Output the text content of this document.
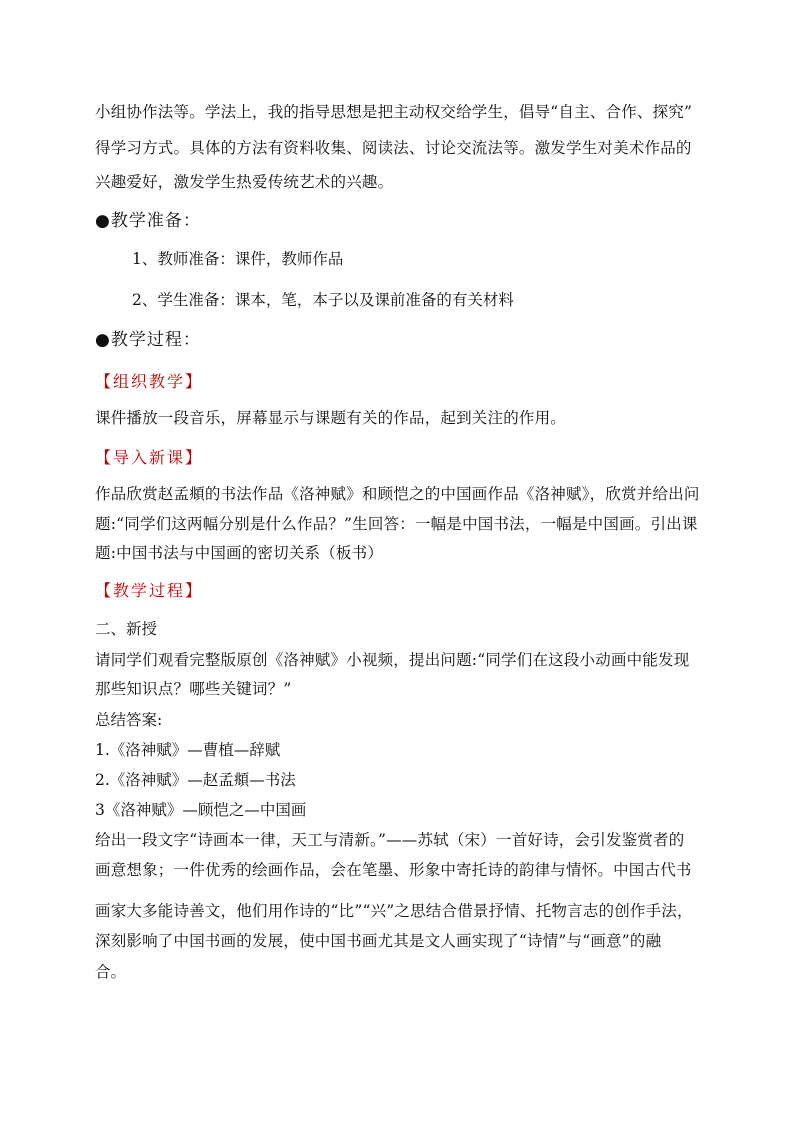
小组协作法等。学法上，我的指导思想是把主动权交给学生，倡导“自主、合作、探究”
得学习方式。具体的方法有资料收集、阅读法、讨论交流法等。激发学生对美术作品的
兴趣爱好，激发学生热爱传统艺术的兴趣。
●教学准备：
1、教师准备：课件，教师作品
2、学生准备：课本，笔，本子以及课前准备的有关材料
●教学过程：
【组织教学】
课件播放一段音乐，屏幕显示与课题有关的作品，起到关注的作用。
【导入新课】
作品欣赏赵孟頫的书法作品《洛神赋》和顾恺之的中国画作品《洛神赋》，欣赏并给出问
题:“同学们这两幅分别是什么作品？”生回答：一幅是中国书法，一幅是中国画。引出课
题:中国书法与中国画的密切关系（板书）
【教学过程】
二、新授
请同学们观看完整版原创《洛神赋》小视频，提出问题:“同学们在这段小动画中能发现
那些知识点？哪些关键词？”
总结答案:
1.《洛神赋》—曹植—辞赋
2.《洛神赋》—赵孟頫—书法
3《洛神赋》—顾恺之—中国画
给出一段文字“诗画本一律，天工与清新。”——苏轼（宋）一首好诗，会引发鉴赏者的
画意想象；一件优秀的绘画作品，会在笔墨、形象中寄托诗的韵律与情怀。中国古代书
画家大多能诗善文，他们用作诗的“比”“兴”之思结合借景抒情、托物言志的创作手法，
深刻影响了中国书画的发展，使中国书画尤其是文人画实现了“诗情”与“画意”的融
合。
